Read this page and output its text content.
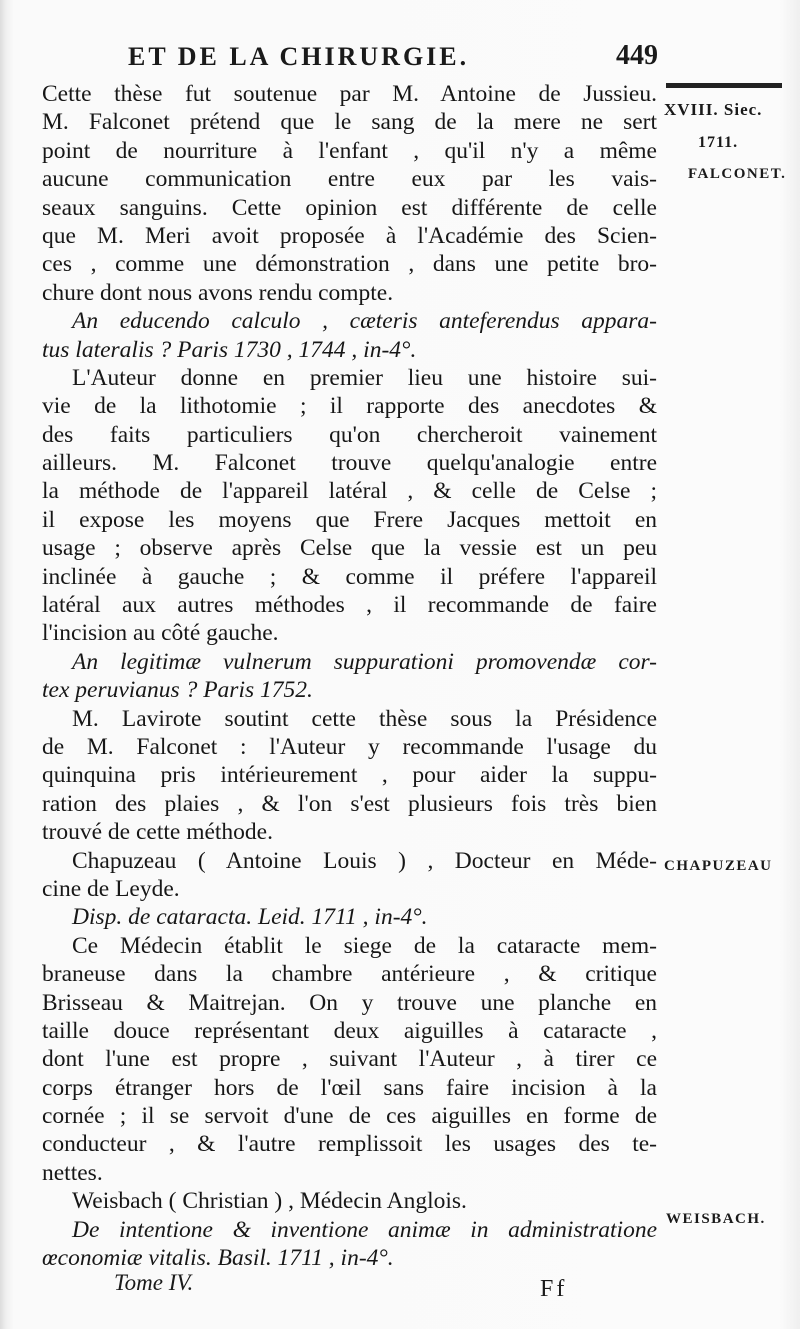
ET DE LA CHIRURGIE.	449
XVIII. Siec.
1711.
FALCONET.
CHAPUZEAU
WEISBACH.
Cette thèse fut soutenue par M. Antoine de Jussieu.
M. Falconet prétend que le sang de la mere ne sert
point de nourriture à l'enfant , qu'il n'y a même
aucune communication entre eux par les vais-
seaux sanguins. Cette opinion est différente de celle
que M. Meri avoit proposée à l'Académie des Scien-
ces , comme une démonstration , dans une petite bro-
chure dont nous avons rendu compte.
An educendo calculo , cæteris anteferendus appara-
tus lateralis ? Paris 1730 , 1744 , in-4°.
L'Auteur donne en premier lieu une histoire sui-
vie de la lithotomie ; il rapporte des anecdotes &
des faits particuliers qu'on chercheroit vainement
ailleurs. M. Falconet trouve quelqu'analogie entre
la méthode de l'appareil latéral , & celle de Celse ;
il expose les moyens que Frere Jacques mettoit en
usage ; observe après Celse que la vessie est un peu
inclinée à gauche ; & comme il préfere l'appareil
latéral aux autres méthodes , il recommande de faire
l'incision au côté gauche.
An legitimæ vulnerum suppurationi promovendæ cor-
tex peruvianus ? Paris 1752.
M. Lavirote soutint cette thèse sous la Présidence
de M. Falconet : l'Auteur y recommande l'usage du
quinquina pris intérieurement , pour aider la suppu-
ration des plaies , & l'on s'est plusieurs fois très bien
trouvé de cette méthode.
Chapuzeau ( Antoine Louis ) , Docteur en Méde-
cine de Leyde.
Disp. de cataracta. Leid. 1711 , in-4°.
Ce Médecin établit le siege de la cataracte mem-
braneuse dans la chambre antérieure , & critique
Brisseau & Maitrejan. On y trouve une planche en
taille douce représentant deux aiguilles à cataracte ,
dont l'une est propre , suivant l'Auteur , à tirer ce
corps étranger hors de l'œil sans faire incision à la
cornée ; il se servoit d'une de ces aiguilles en forme de
conducteur , & l'autre remplissoit les usages des te-
nettes.
Weisbach ( Christian ) , Médecin Anglois.
De intentione & inventione animæ in administratione
œconomiæ vitalis. Basil. 1711 , in-4°.
Tome IV.	Ff
